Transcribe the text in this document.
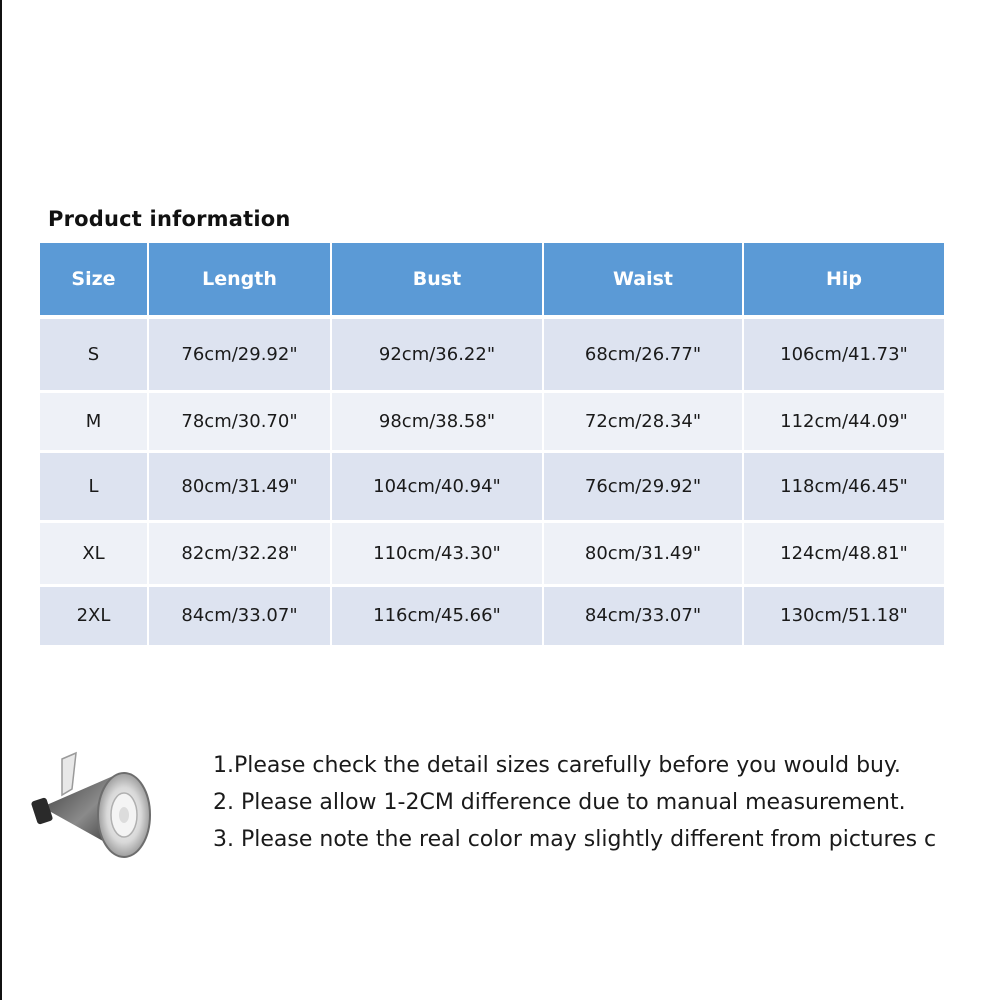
Product information
Size	Length	Bust	Waist	Hip
S	76cm/29.92"	92cm/36.22"	68cm/26.77"	106cm/41.73"
M	78cm/30.70"	98cm/38.58"	72cm/28.34"	112cm/44.09"
L	80cm/31.49"	104cm/40.94"	76cm/29.92"	118cm/46.45"
XL	82cm/32.28"	110cm/43.30"	80cm/31.49"	124cm/48.81"
2XL	84cm/33.07"	116cm/45.66"	84cm/33.07"	130cm/51.18"
1.Please check the detail sizes carefully before you would buy.
2. Please allow 1-2CM difference due to manual measurement.
3. Please note the real color may slightly different from pictures c
